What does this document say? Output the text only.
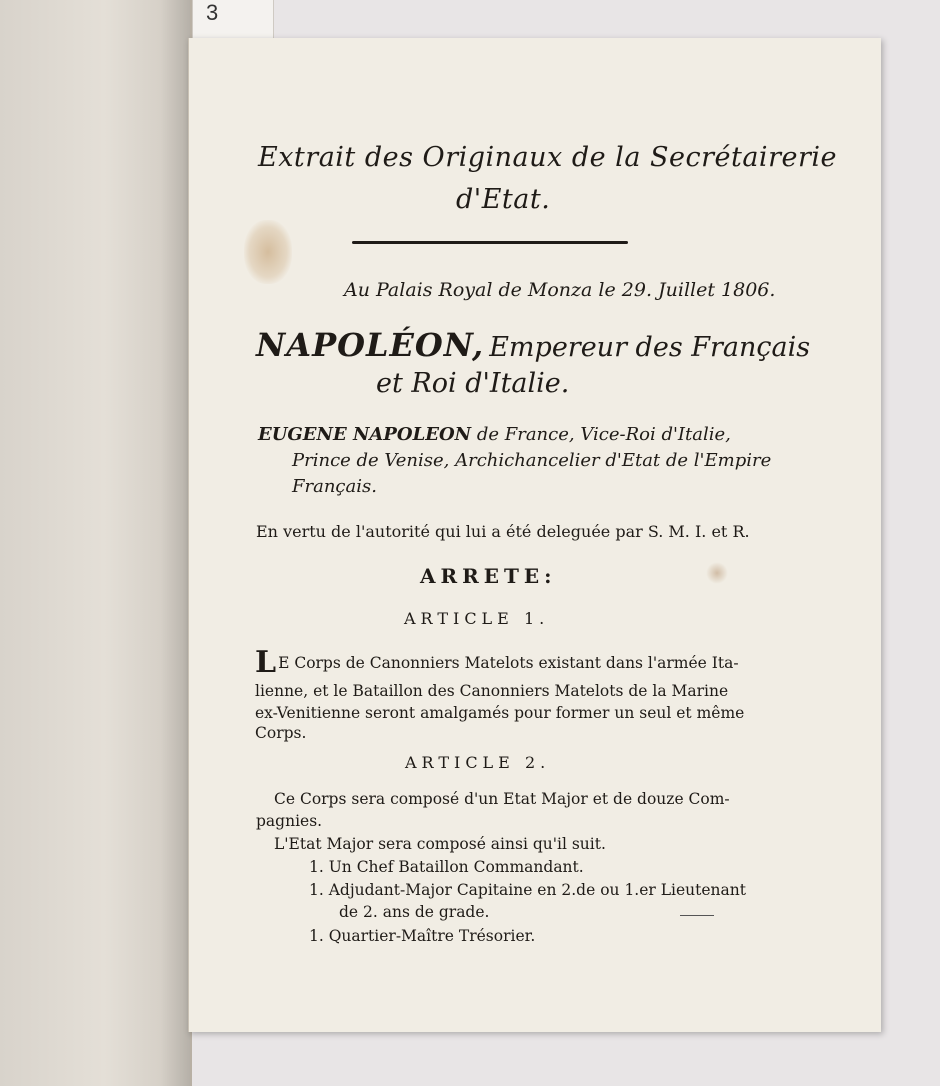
3
Extrait des Originaux de la Secrétairerie
d'Etat.
Au Palais Royal de Monza le 29. Juillet 1806.
NAPOLÉON, Empereur des Français
et Roi d'Italie.
EUGENE NAPOLEON de France, Vice-Roi d'Italie,
Prince de Venise, Archichancelier d'Etat de l'Empire
Français.
En vertu de l'autorité qui lui a été deleguée par S. M. I. et R.
ARRETE:
ARTICLE 1.
L E Corps de Canonniers Matelots existant dans l'armée Ita-
lienne, et le Bataillon des Canonniers Matelots de la Marine
ex-Venitienne seront amalgamés pour former un seul et même
Corps.
ARTICLE 2.
Ce Corps sera composé d'un Etat Major et de douze Com-
pagnies.
L'Etat Major sera composé ainsi qu'il suit.
1. Un Chef Bataillon Commandant.
1. Adjudant-Major Capitaine en 2.de ou 1.er Lieutenant
de 2. ans de grade.
1. Quartier-Maître Trésorier.
